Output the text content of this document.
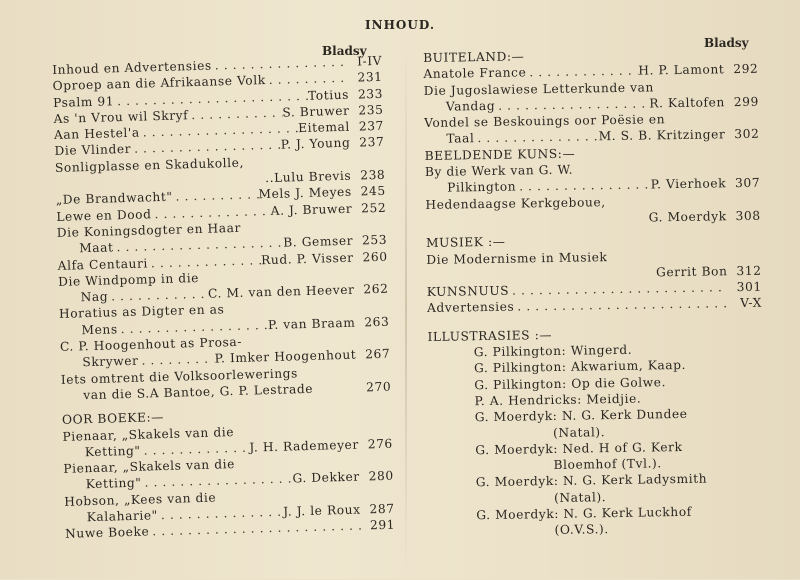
INHOUD.
Bladsy
Bladsy
Inhoud en Advertensies . . .	I-IV
Oproep aan die Afrikaanse Volk . . .	231
Psalm 91 . . .	Totius 233
As 'n Vrou wil Skryf . . .	S. Bruwer 235
Aan Hestel'a . . .	Eitemal 237
Die Vlinder . . .	P. J. Young 237
Sonligplasse en Skadukolle,
..Lulu Brevis 238
„De Brandwacht" . . .	Mels J. Meyes 245
Lewe en Dood . . .	A. J. Bruwer 252
Die Koningsdogter en Haar
Maat . . .	B. Gemser 253
Alfa Centauri . . .	Rud. P. Visser 260
Die Windpomp in die
Nag . . .	C. M. van den Heever 262
Horatius as Digter en as
Mens . . .	P. van Braam 263
C. P. Hoogenhout as Prosa-
Skrywer . . .	P. Imker Hoogenhout 267
Iets omtrent die Volksoorlewerings
van die S.A Bantoe,
G. P. Lestrade	270
OOR BOEKE:—
Pienaar, „Skakels van die
Ketting" . . .	J. H. Rademeyer 276
Pienaar, „Skakels van die
Ketting" . . .	G. Dekker 280
Hobson, „Kees van die
Kalaharie" . . .	J. J. le Roux 287
Nuwe Boeke . . .	291
BUITELAND:—
Anatole France . . .	H. P. Lamont 292
Die Jugoslawiese Letterkunde van
Vandag . . .	R. Kaltofen 299
Vondel se Beskouings oor Poësie en
Taal . . .	M. S. B. Kritzinger 302
BEELDENDE KUNS:—
By die Werk van G. W.
Pilkington . . .	P. Vierhoek 307
Hedendaagse Kerkgeboue,
G. Moerdyk 308
MUSIEK :—
Die Modernisme in Musiek
Gerrit Bon 312
KUNSNUUS . . .	301
Advertensies . . .	V-X
ILLUSTRASIES :—
G. Pilkington: Wingerd.
G. Pilkington: Akwarium, Kaap.
G. Pilkington: Op die Golwe.
P. A. Hendricks: Meidjie.
G. Moerdyk: N. G. Kerk Dundee
(Natal).
G. Moerdyk: Ned. H of G. Kerk
Bloemhof (Tvl.).
G. Moerdyk: N. G. Kerk Ladysmith
(Natal).
G. Moerdyk: N. G. Kerk Luckhof
(O.V.S.).
